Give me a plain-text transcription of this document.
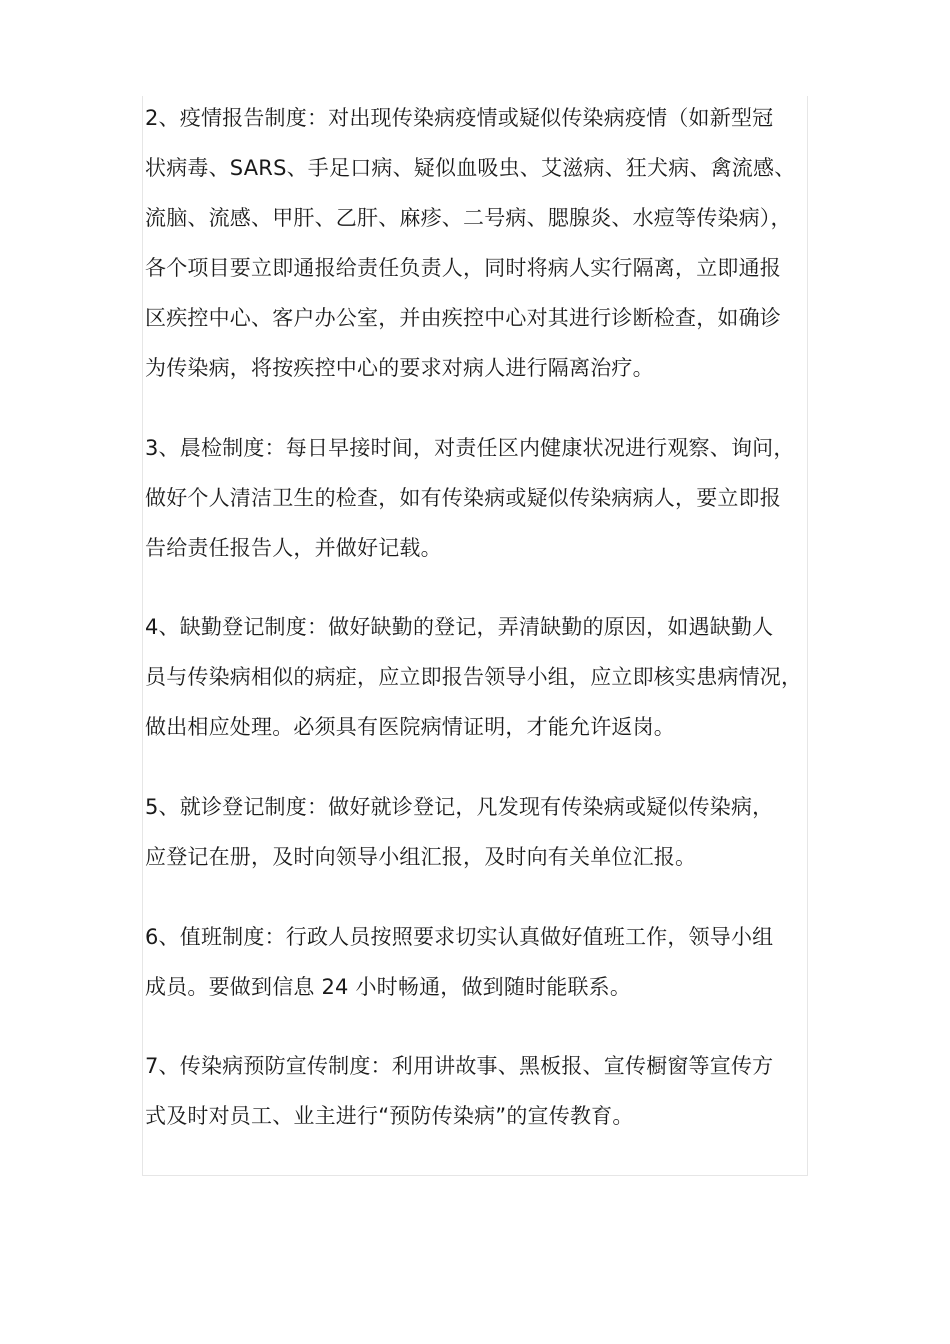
2、疫情报告制度：对出现传染病疫情或疑似传染病疫情（如新型冠
状病毒、SARS、手足口病、疑似血吸虫、艾滋病、狂犬病、禽流感、
流脑、流感、甲肝、乙肝、麻疹、二号病、腮腺炎、水痘等传染病），
各个项目要立即通报给责任负责人，同时将病人实行隔离，立即通报
区疾控中心、客户办公室，并由疾控中心对其进行诊断检查，如确诊
为传染病，将按疾控中心的要求对病人进行隔离治疗。
3、晨检制度：每日早接时间，对责任区内健康状况进行观察、询问，
做好个人清洁卫生的检查，如有传染病或疑似传染病病人，要立即报
告给责任报告人，并做好记载。
4、缺勤登记制度：做好缺勤的登记，弄清缺勤的原因，如遇缺勤人
员与传染病相似的病症，应立即报告领导小组，应立即核实患病情况，
做出相应处理。必须具有医院病情证明，才能允许返岗。
5、就诊登记制度：做好就诊登记，凡发现有传染病或疑似传染病，
应登记在册，及时向领导小组汇报，及时向有关单位汇报。
6、值班制度：行政人员按照要求切实认真做好值班工作，领导小组
成员。要做到信息 24 小时畅通，做到随时能联系。
7、传染病预防宣传制度：利用讲故事、黑板报、宣传橱窗等宣传方
式及时对员工、业主进行“预防传染病”的宣传教育。
